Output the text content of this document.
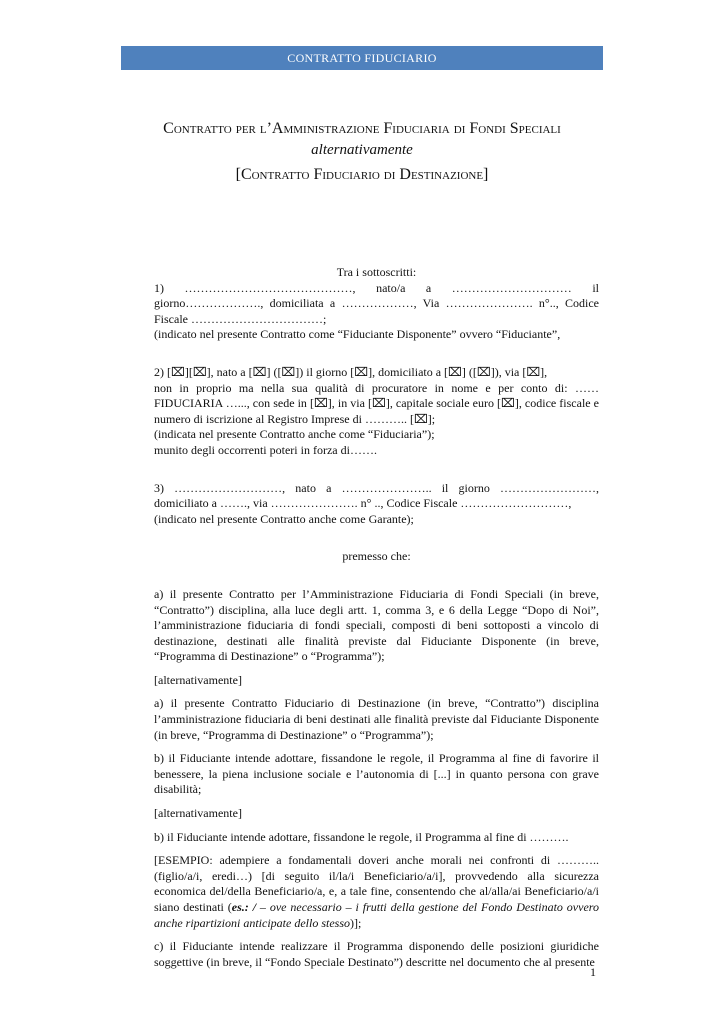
CONTRATTO FIDUCIARIO

Contratto per l’Amministrazione Fiduciaria di Fondi Speciali

alternativamente

[Contratto Fiduciario di Destinazione]

Tra i sottoscritti:

1) ……………………………………, nato/a a ………………………… il giorno………………., domiciliata a ………………, Via …………………. n°.., Codice Fiscale ……………………………;

(indicato nel presente Contratto come “Fiduciante Disponente” ovvero “Fiduciante”,

2) [⌧][⌧], nato a [⌧] ([⌧]) il giorno [⌧], domiciliato a [⌧] ([⌧]), via [⌧],

non in proprio ma nella sua qualità di procuratore in nome e per conto di: ……FIDUCIARIA …..., con sede in [⌧], in via [⌧], capitale sociale euro [⌧], codice fiscale e numero di iscrizione al Registro Imprese di ……….. [⌧];

(indicata nel presente Contratto anche come “Fiduciaria”);

munito degli occorrenti poteri in forza di…….

3) ………………………, nato a ………………….. il giorno ……………………, domiciliato a ……., via …………………. n° .., Codice Fiscale ………………………,

(indicato nel presente Contratto anche come Garante);

premesso che:

a) il presente Contratto per l’Amministrazione Fiduciaria di Fondi Speciali (in breve, “Contratto”) disciplina, alla luce degli artt. 1, comma 3, e 6 della Legge “Dopo di Noi”, l’amministrazione fiduciaria di fondi speciali, composti di beni sottoposti a vincolo di destinazione, destinati alle finalità previste dal Fiduciante Disponente (in breve, “Programma di Destinazione” o “Programma”);

[alternativamente]

a) il presente Contratto Fiduciario di Destinazione (in breve, “Contratto”) disciplina l’amministrazione fiduciaria di beni destinati alle finalità previste dal Fiduciante Disponente (in breve, “Programma di Destinazione” o “Programma”);

b) il Fiduciante intende adottare, fissandone le regole, il Programma al fine di favorire il benessere, la piena inclusione sociale e l’autonomia di [...] in quanto persona con grave disabilità;

[alternativamente]

b) il Fiduciante intende adottare, fissandone le regole, il Programma al fine di ……….

[ESEMPIO: adempiere a fondamentali doveri anche morali nei confronti di ……….. (figlio/a/i, eredi…) [di seguito il/la/i Beneficiario/a/i], provvedendo alla sicurezza economica del/della Beneficiario/a, e, a tale fine, consentendo che al/alla/ai Beneficiario/a/i siano destinati (es.: / – ove necessario – i frutti della gestione del Fondo Destinato ovvero anche ripartizioni anticipate dello stesso)];

c) il Fiduciante intende realizzare il Programma disponendo delle posizioni giuridiche soggettive (in breve, il “Fondo Speciale Destinato”) descritte nel documento che al presente

1
